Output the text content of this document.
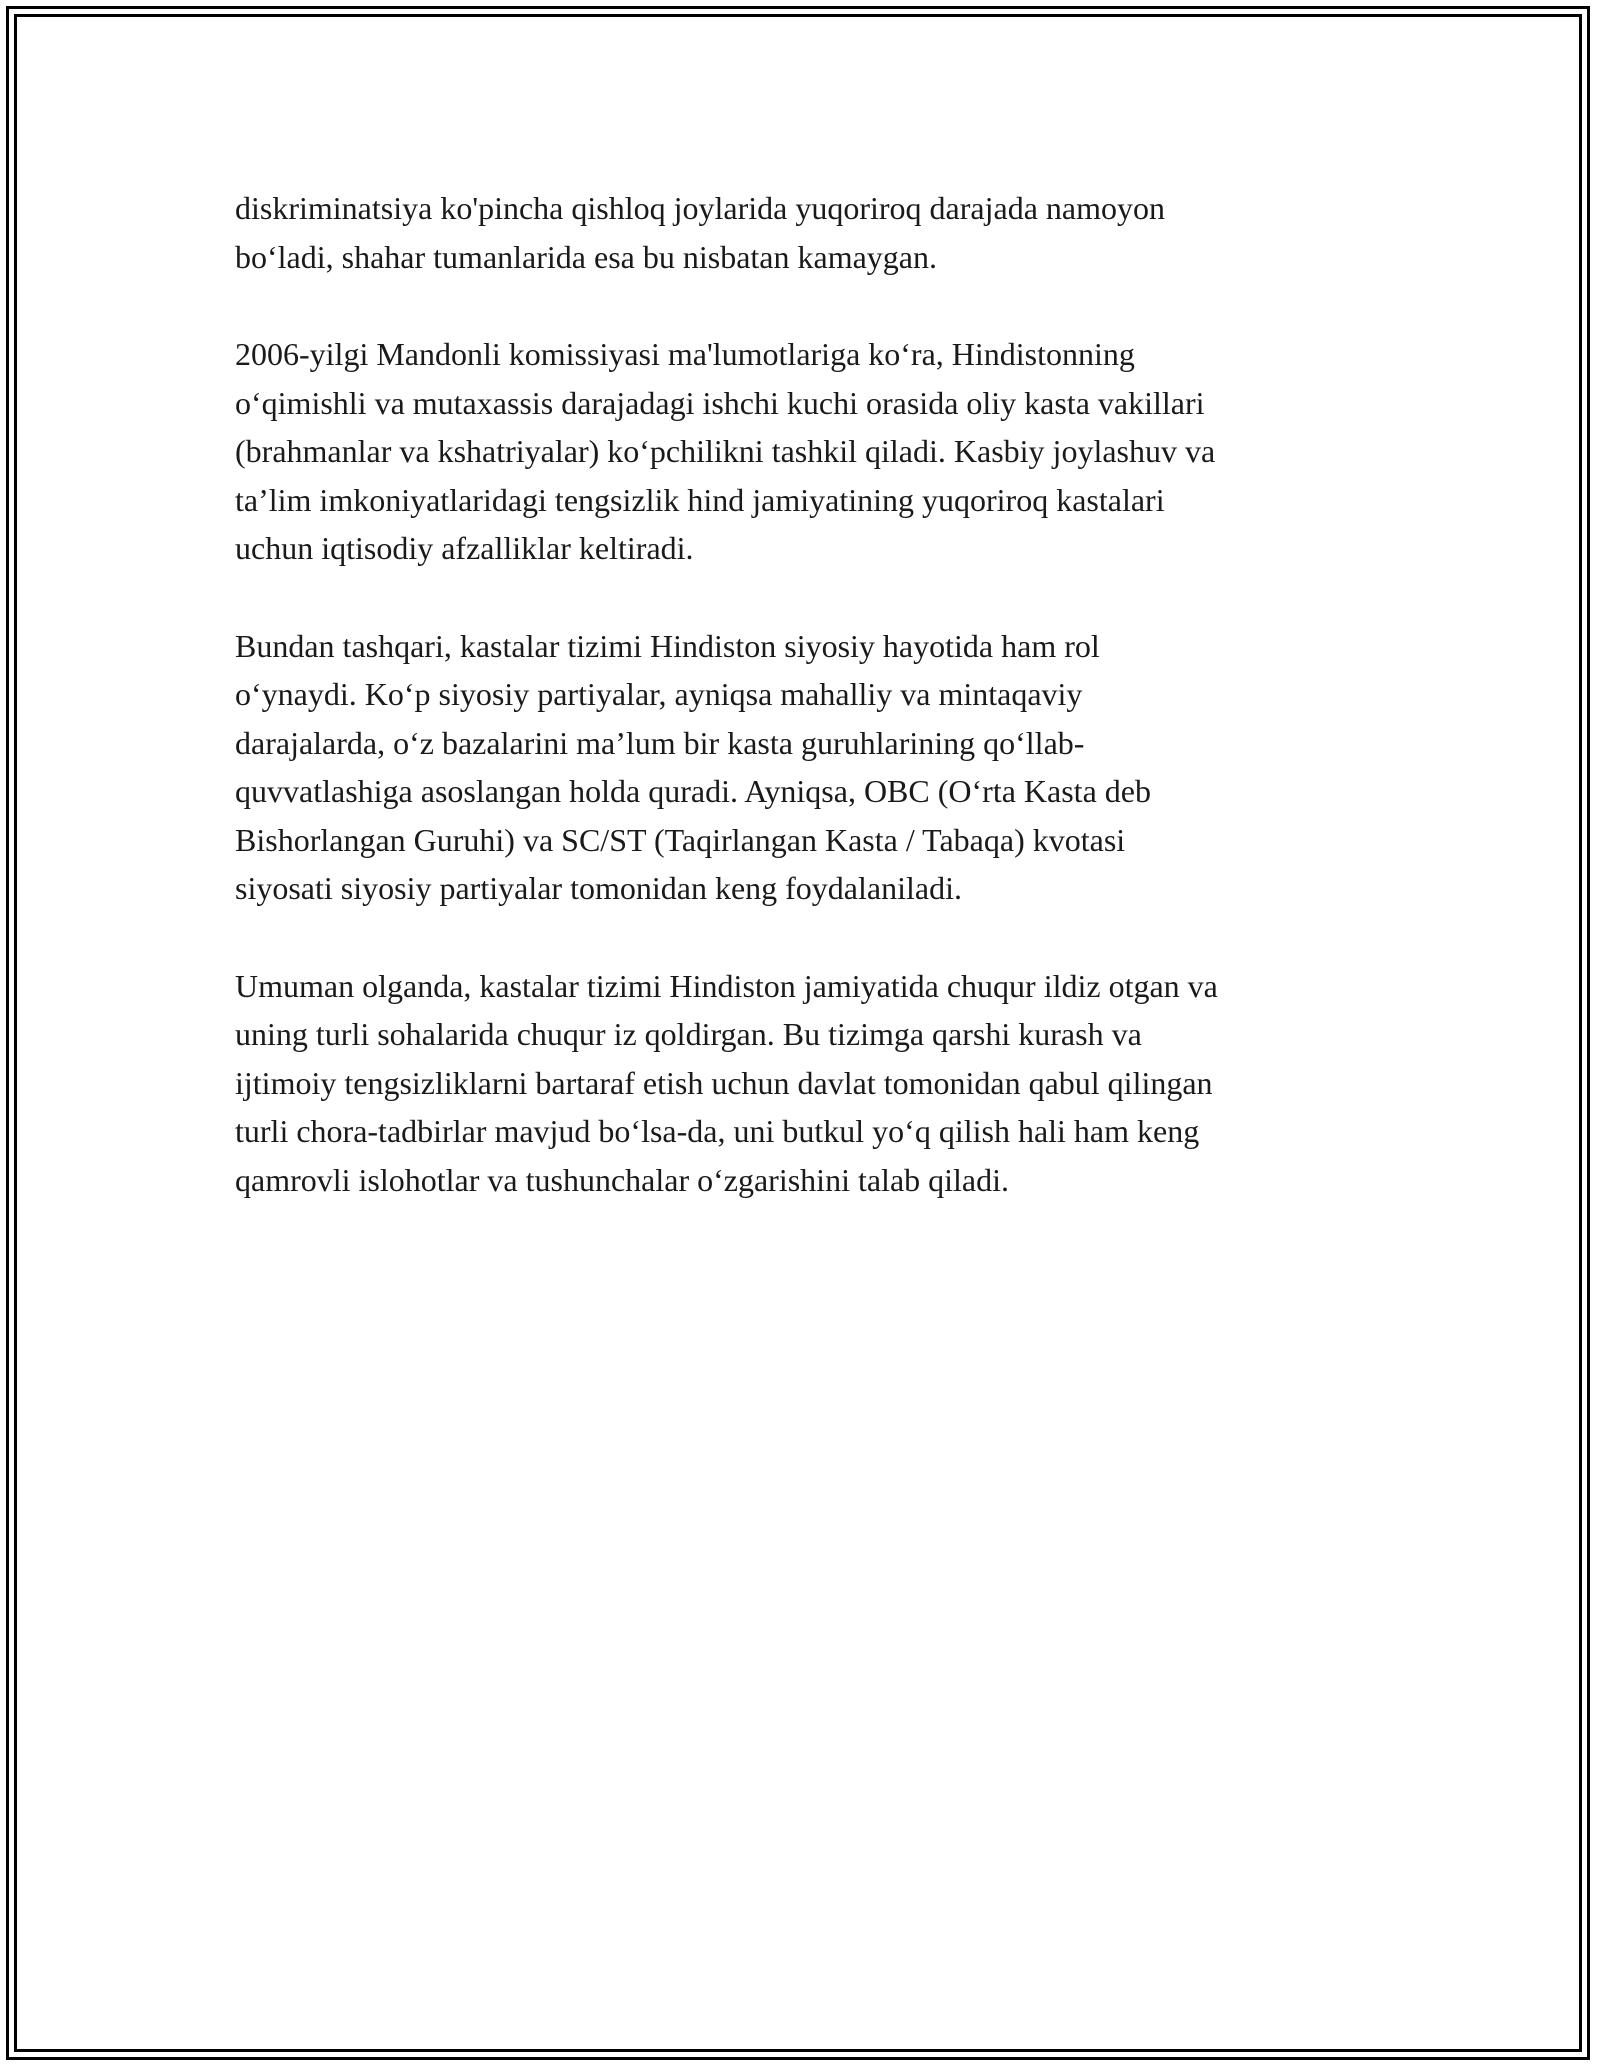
diskriminatsiya ko'pincha qishloq joylarida yuqoriroq darajada namoyon
bo‘ladi, shahar tumanlarida esa bu nisbatan kamaygan.

2006-yilgi Mandonli komissiyasi ma'lumotlariga ko‘ra, Hindistonning
o‘qimishli va mutaxassis darajadagi ishchi kuchi orasida oliy kasta vakillari
(brahmanlar va kshatriyalar) ko‘pchilikni tashkil qiladi. Kasbiy joylashuv va
ta’lim imkoniyatlaridagi tengsizlik hind jamiyatining yuqoriroq kastalari
uchun iqtisodiy afzalliklar keltiradi.

Bundan tashqari, kastalar tizimi Hindiston siyosiy hayotida ham rol
o‘ynaydi. Ko‘p siyosiy partiyalar, ayniqsa mahalliy va mintaqaviy
darajalarda, o‘z bazalarini ma’lum bir kasta guruhlarining qo‘llab-
quvvatlashiga asoslangan holda quradi. Ayniqsa, OBC (O‘rta Kasta deb
Bishorlangan Guruhi) va SC/ST (Taqirlangan Kasta / Tabaqa) kvotasi
siyosati siyosiy partiyalar tomonidan keng foydalaniladi.

Umuman olganda, kastalar tizimi Hindiston jamiyatida chuqur ildiz otgan va
uning turli sohalarida chuqur iz qoldirgan. Bu tizimga qarshi kurash va
ijtimoiy tengsizliklarni bartaraf etish uchun davlat tomonidan qabul qilingan
turli chora-tadbirlar mavjud bo‘lsa-da, uni butkul yo‘q qilish hali ham keng
qamrovli islohotlar va tushunchalar o‘zgarishini talab qiladi.
